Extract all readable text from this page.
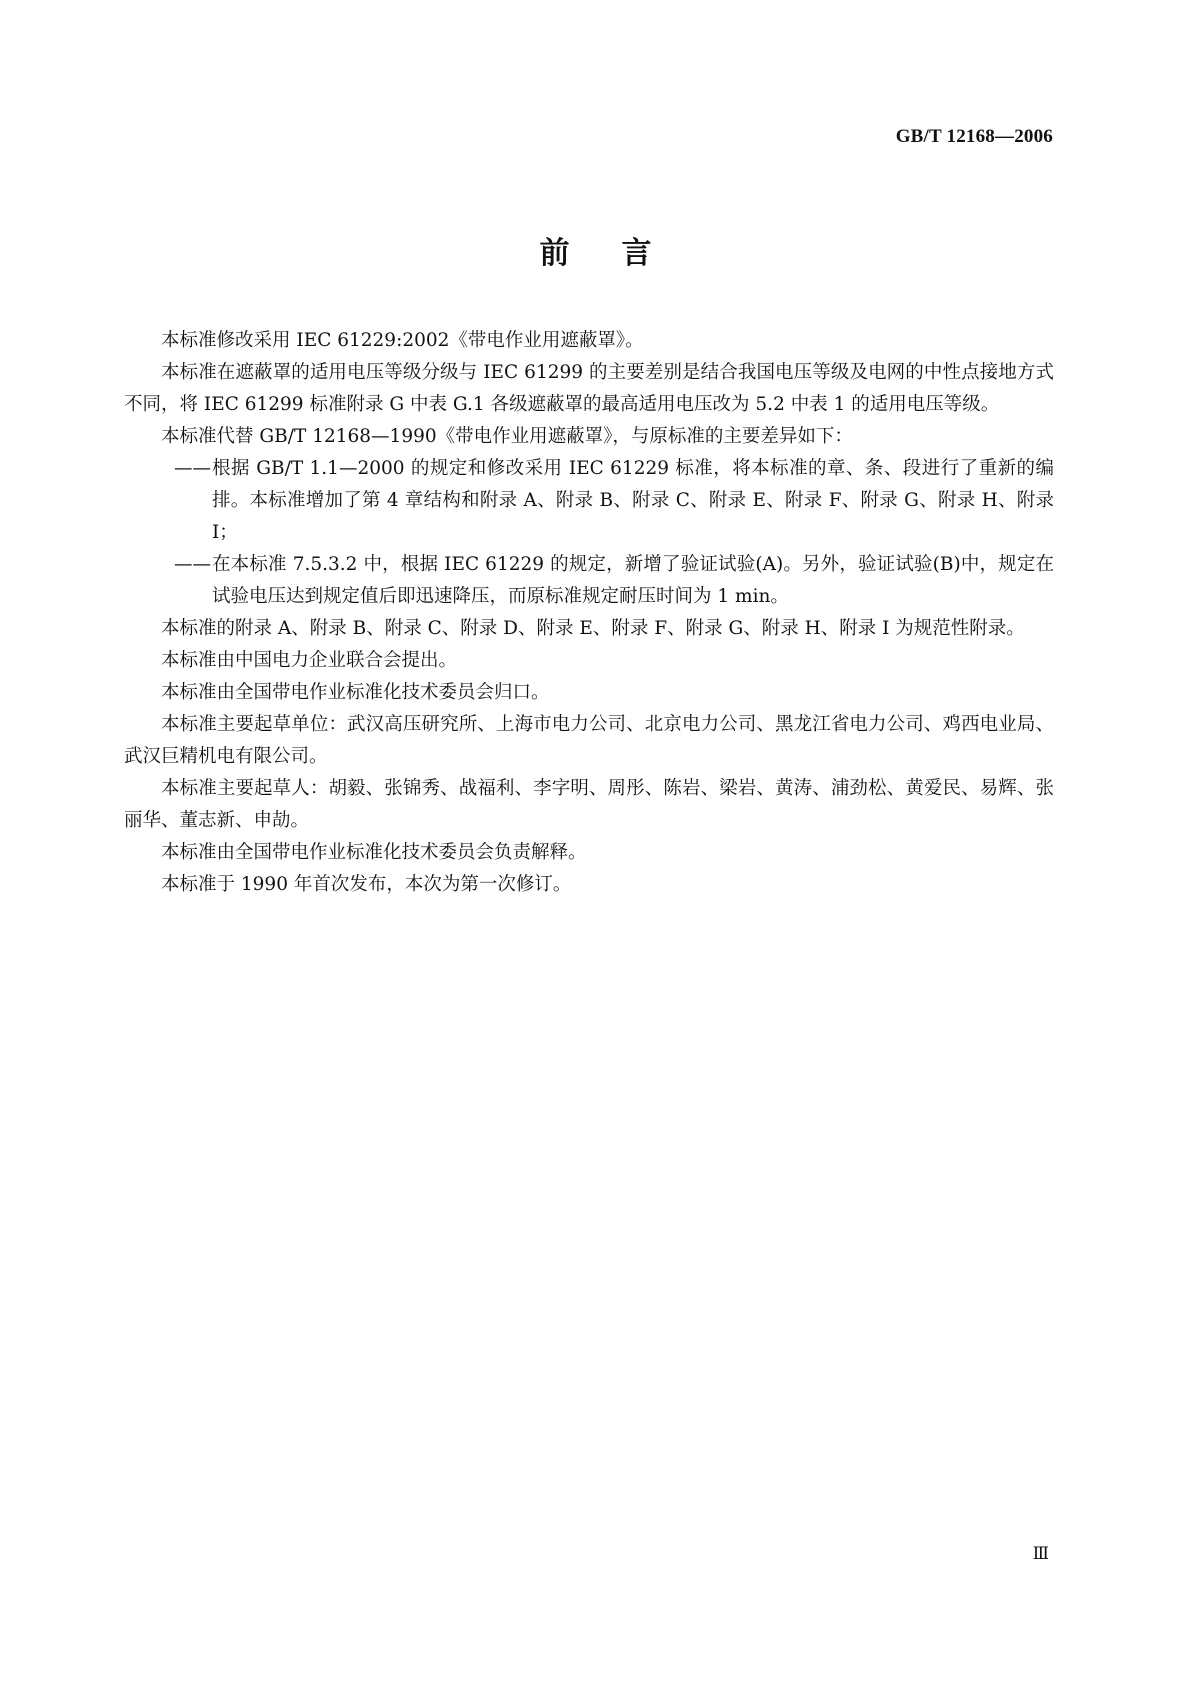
GB/T 12168—2006
前言

本标准修改采用 IEC 61229:2002《带电作业用遮蔽罩》。

本标准在遮蔽罩的适用电压等级分级与 IEC 61299 的主要差别是结合我国电压等级及电网的中性点接地方式不同，将 IEC 61299 标准附录 G 中表 G.1 各级遮蔽罩的最高适用电压改为 5.2 中表 1 的适用电压等级。

本标准代替 GB/T 12168—1990《带电作业用遮蔽罩》，与原标准的主要差异如下：

—— 根据 GB/T 1.1—2000 的规定和修改采用 IEC 61229 标准，将本标准的章、条、段进行了重新的编排。本标准增加了第 4 章结构和附录 A、附录 B、附录 C、附录 E、附录 F、附录 G、附录 H、附录 I；
—— 在本标准 7.5.3.2 中，根据 IEC 61229 的规定，新增了验证试验(A)。另外，验证试验(B)中，规定在试验电压达到规定值后即迅速降压，而原标准规定耐压时间为 1 min。

本标准的附录 A、附录 B、附录 C、附录 D、附录 E、附录 F、附录 G、附录 H、附录 I 为规范性附录。

本标准由中国电力企业联合会提出。

本标准由全国带电作业标准化技术委员会归口。

本标准主要起草单位：武汉高压研究所、上海市电力公司、北京电力公司、黑龙江省电力公司、鸡西电业局、武汉巨精机电有限公司。

本标准主要起草人：胡毅、张锦秀、战福利、李字明、周彤、陈岩、梁岩、黄涛、浦劲松、黄爱民、易辉、张丽华、董志新、申劼。

本标准由全国带电作业标准化技术委员会负责解释。

本标准于 1990 年首次发布，本次为第一次修订。

Ⅲ
